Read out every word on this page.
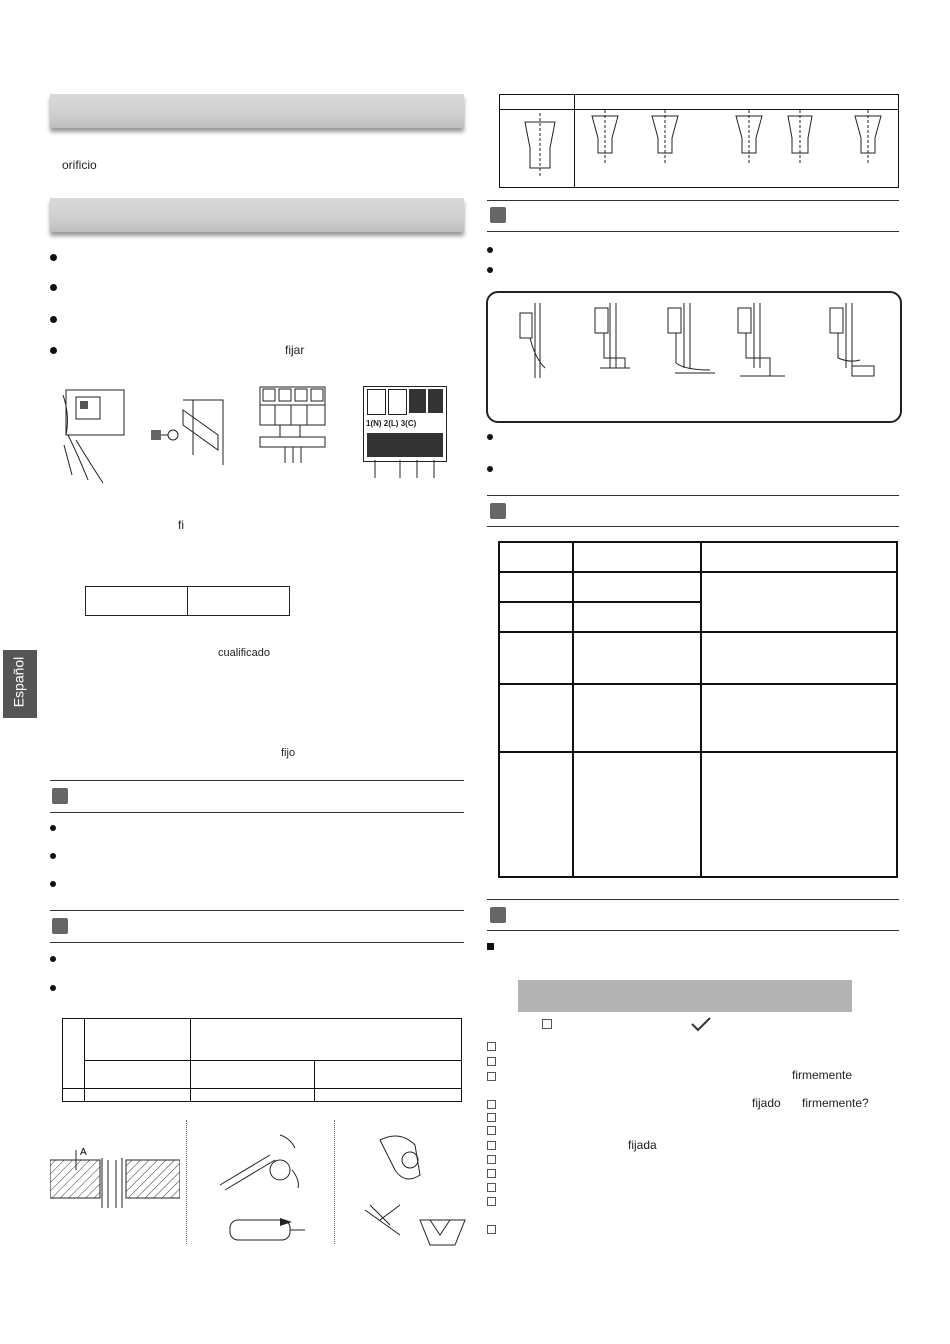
orificio
fijar
1(N) 2(L) 3(C)
fi
cualificado
fijo
Español
A
firmemente
fijado firmemente?
fijada
